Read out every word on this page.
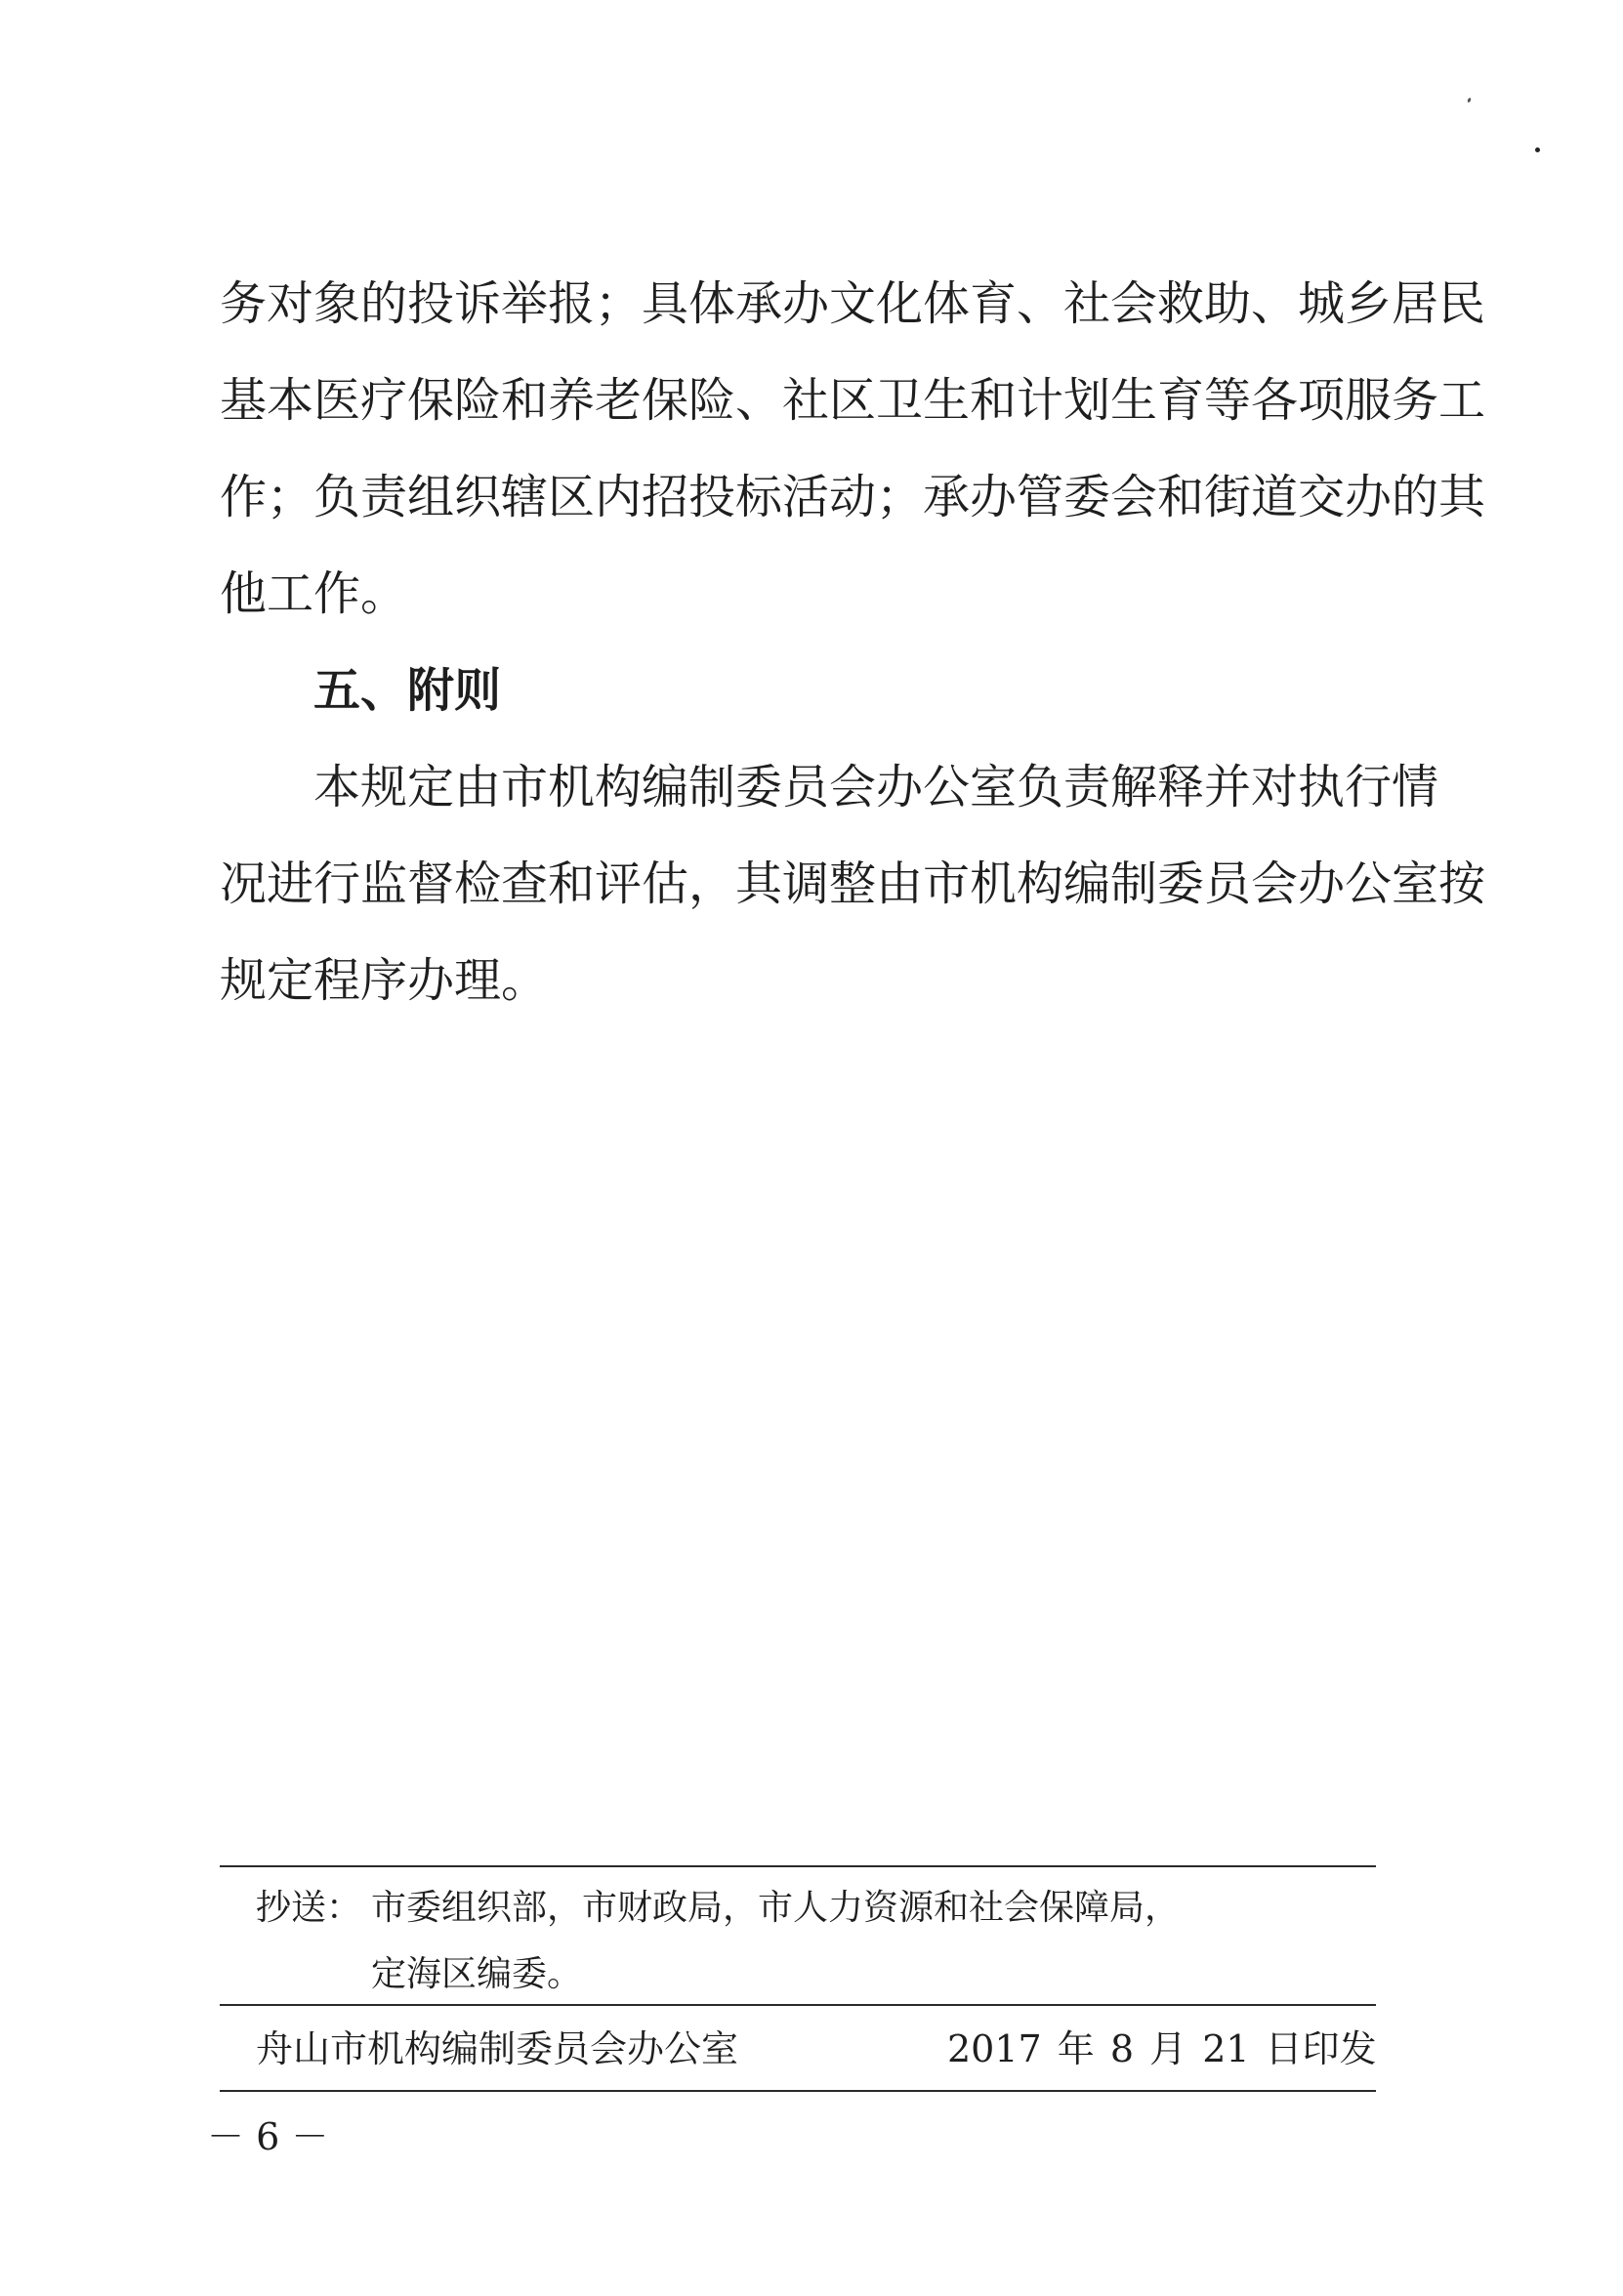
务对象的投诉举报；具体承办文化体育、社会救助、城乡居民
基本医疗保险和养老保险、社区卫生和计划生育等各项服务工
作；负责组织辖区内招投标活动；承办管委会和街道交办的其
他工作。
五、附则
本规定由市机构编制委员会办公室负责解释并对执行情
况进行监督检查和评估，其调整由市机构编制委员会办公室按
规定程序办理。
抄送： 市委组织部，市财政局，市人力资源和社会保障局，
定海区编委。
舟山市机构编制委员会办公室	2017 年 8 月 21 日印发
－ 6 －
